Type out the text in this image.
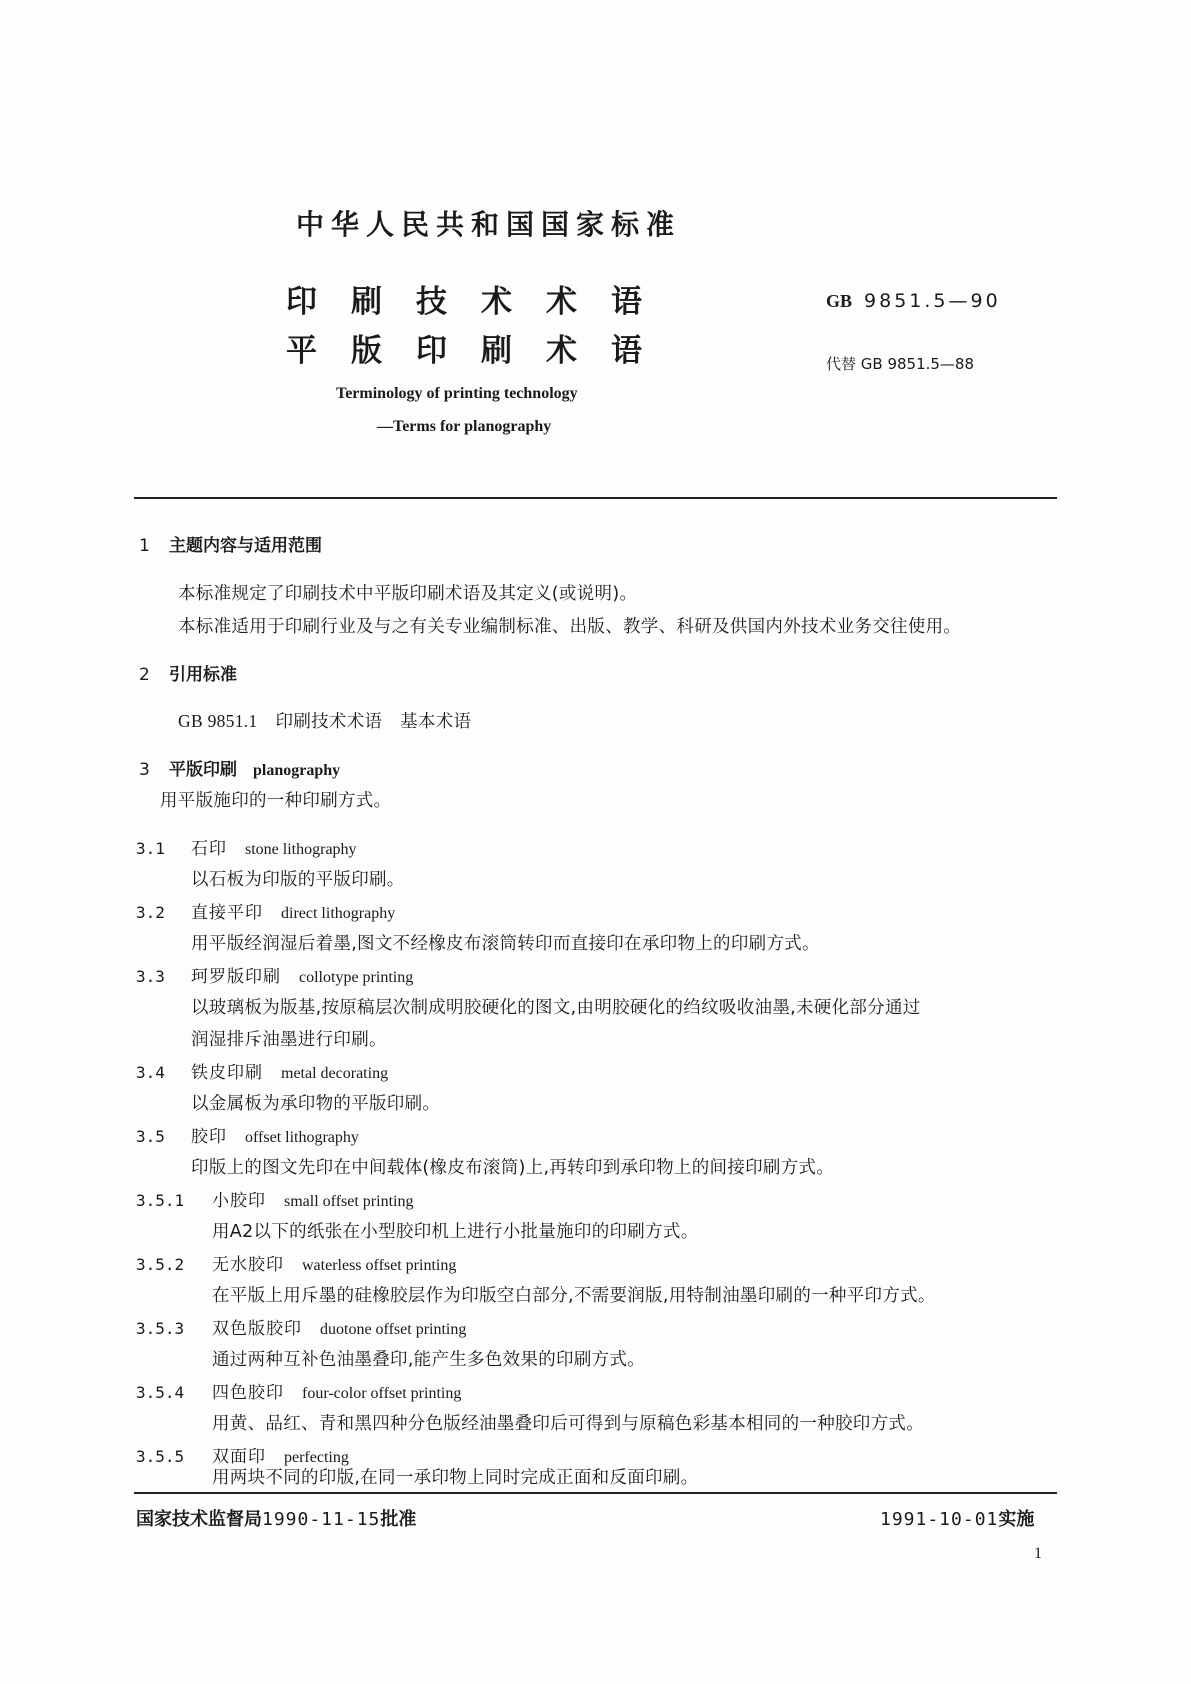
中华人民共和国国家标准
印刷技术术语
平版印刷术语
GB 9851.5—90
代替 GB 9851.5—88
Terminology of printing technology
—Terms for planography
1 主题内容与适用范围
本标准规定了印刷技术中平版印刷术语及其定义(或说明)。
本标准适用于印刷行业及与之有关专业编制标准、出版、教学、科研及供国内外技术业务交往使用。
2 引用标准
GB 9851.1 印刷技术术语　基本术语
3 平版印刷 planography
用平版施印的一种印刷方式。
3.1 石印 stone lithography
以石板为印版的平版印刷。
3.2 直接平印 direct lithography
用平版经润湿后着墨,图文不经橡皮布滚筒转印而直接印在承印物上的印刷方式。
3.3 珂罗版印刷 collotype printing
以玻璃板为版基,按原稿层次制成明胶硬化的图文,由明胶硬化的绉纹吸收油墨,未硬化部分通过
润湿排斥油墨进行印刷。
3.4 铁皮印刷 metal decorating
以金属板为承印物的平版印刷。
3.5 胶印 offset lithography
印版上的图文先印在中间载体(橡皮布滚筒)上,再转印到承印物上的间接印刷方式。
3.5.1 小胶印 small offset printing
用A2以下的纸张在小型胶印机上进行小批量施印的印刷方式。
3.5.2 无水胶印 waterless offset printing
在平版上用斥墨的硅橡胶层作为印版空白部分,不需要润版,用特制油墨印刷的一种平印方式。
3.5.3 双色版胶印 duotone offset printing
通过两种互补色油墨叠印,能产生多色效果的印刷方式。
3.5.4 四色胶印 four-color offset printing
用黄、品红、青和黑四种分色版经油墨叠印后可得到与原稿色彩基本相同的一种胶印方式。
3.5.5 双面印 perfecting
用两块不同的印版,在同一承印物上同时完成正面和反面印刷。
国家技术监督局1990-11-15批准	1991-10-01实施
1
